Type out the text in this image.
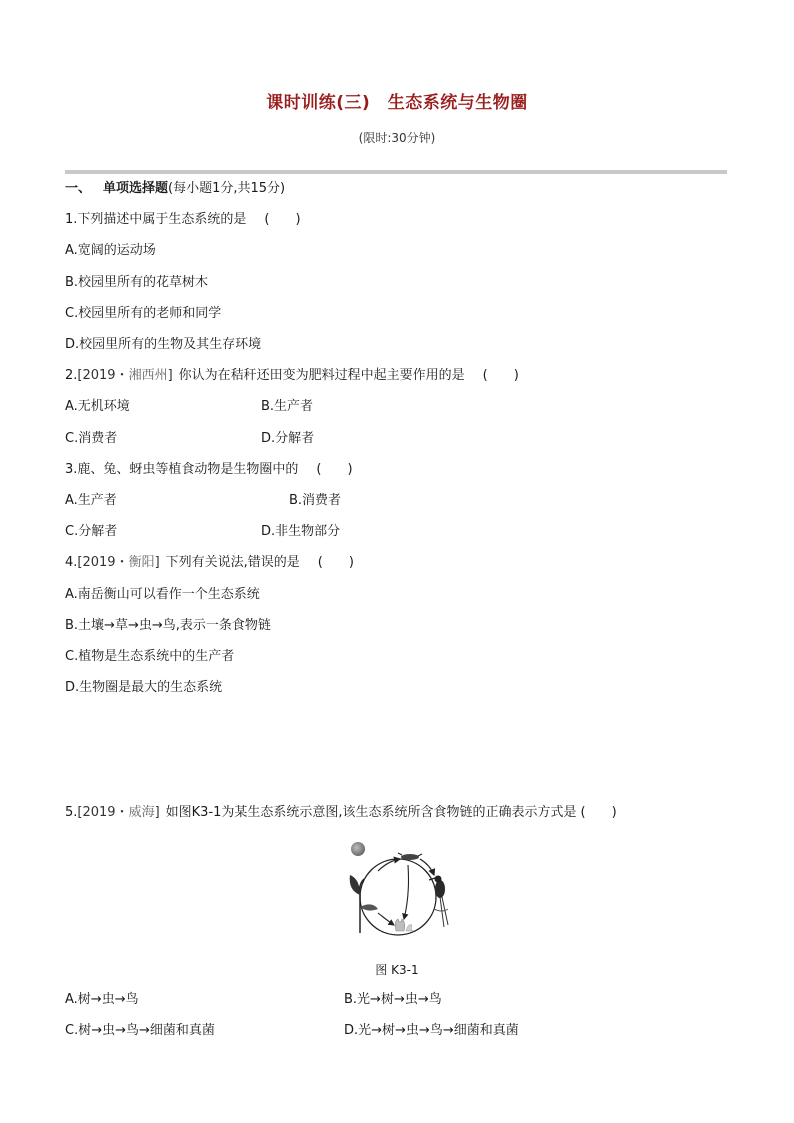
课时训练(三)　生态系统与生物圈
(限时:30分钟)
一、 单项选择题(每小题1分,共15分)
1.下列描述中属于生态系统的是 (　　)
A.宽阔的运动场
B.校园里所有的花草树木
C.校园里所有的老师和同学
D.校园里所有的生物及其生存环境
2.[2019・湘西州] 你认为在秸秆还田变为肥料过程中起主要作用的是 (　　)
A.无机环境	B.生产者
C.消费者	D.分解者
3.鹿、兔、蚜虫等植食动物是生物圈中的 (　　)
A.生产者	B.消费者
C.分解者	D.非生物部分
4.[2019・衡阳] 下列有关说法,错误的是 (　　)
A.南岳衡山可以看作一个生态系统
B.土壤→草→虫→鸟,表示一条食物链
C.植物是生态系统中的生产者
D.生物圈是最大的生态系统
5.[2019・威海] 如图K3-1为某生态系统示意图,该生态系统所含食物链的正确表示方式是 (　　)
图 K3-1
A.树→虫→鸟	B.光→树→虫→鸟
C.树→虫→鸟→细菌和真菌	D.光→树→虫→鸟→细菌和真菌
